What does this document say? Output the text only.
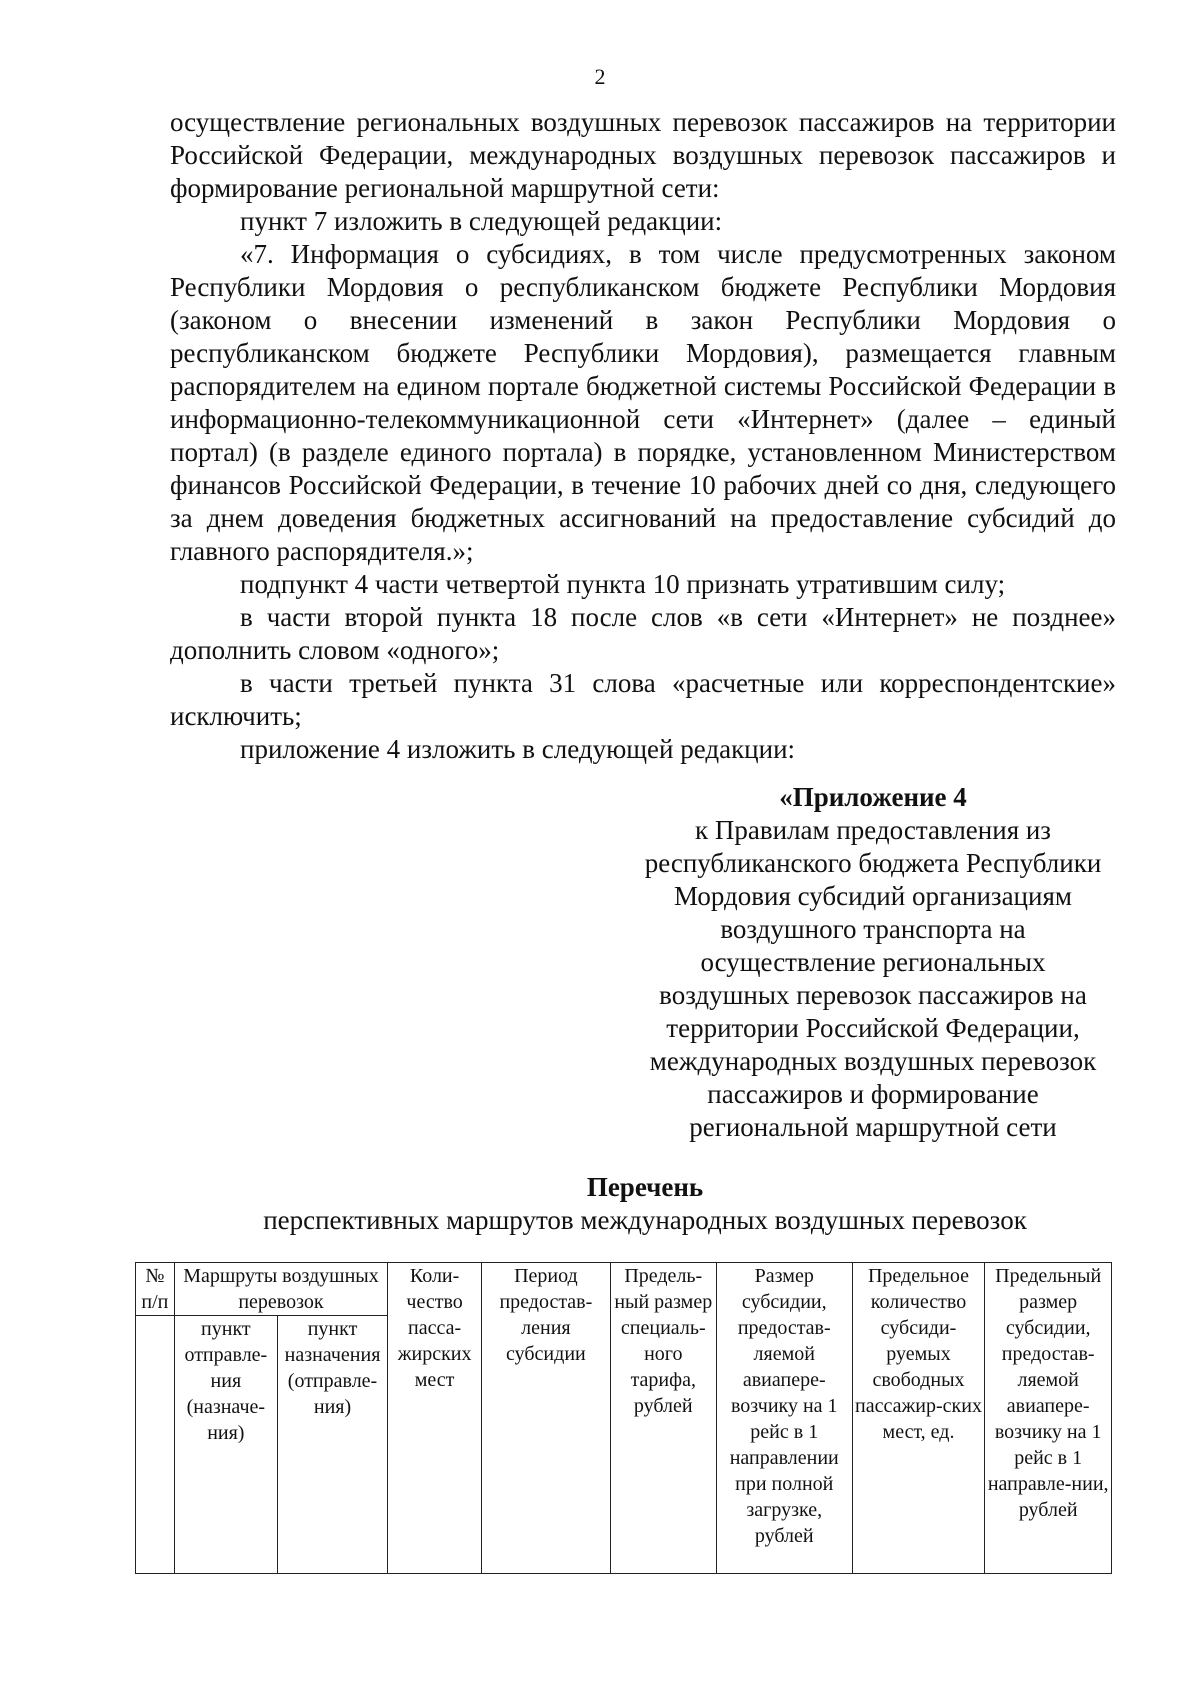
2

осуществление региональных воздушных перевозок пассажиров на территории Российской Федерации, международных воздушных перевозок пассажиров и формирование региональной маршрутной сети:

пункт 7 изложить в следующей редакции:

«7. Информация о субсидиях, в том числе предусмотренных законом Республики Мордовия о республиканском бюджете Республики Мордовия (законом о внесении изменений в закон Республики Мордовия о республиканском бюджете Республики Мордовия), размещается главным распорядителем на едином портале бюджетной системы Российской Федерации в информационно-телекоммуникационной сети «Интернет» (далее – единый портал) (в разделе единого портала) в порядке, установленном Министерством финансов Российской Федерации, в течение 10 рабочих дней со дня, следующего за днем доведения бюджетных ассигнований на предоставление субсидий до главного распорядителя.»;

подпункт 4 части четвертой пункта 10 признать утратившим силу;

в части второй пункта 18 после слов «в сети «Интернет» не позднее» дополнить словом «одного»;

в части третьей пункта 31 слова «расчетные или корреспондентские» исключить;

приложение 4 изложить в следующей редакции:

«Приложение 4
к Правилам предоставления из
республиканского бюджета Республики
Мордовия субсидий организациям
воздушного транспорта на
осуществление региональных
воздушных перевозок пассажиров на
территории Российской Федерации,
международных воздушных перевозок
пассажиров и формирование
региональной маршрутной сети
Перечень
перспективных маршрутов международных воздушных перевозок
№ п/п	Маршруты воздушных перевозок		Коли-чество пасса-жирских мест	Период предостав-ления субсидии	Предель-ный размер специаль-ного тарифа, рублей	Размер субсидии, предостав-ляемой авиапере-возчику на 1 рейс в 1 направлении при полной загрузке, рублей	Предельное количество субсиди-руемых свободных пассажир-ских мест, ед.	Предельный размер субсидии, предостав-ляемой авиапере-возчику на 1 рейс в 1 направле-нии, рублей
	пункт отправле-ния (назначе-ния)	пункт назначения (отправле-ния)						
